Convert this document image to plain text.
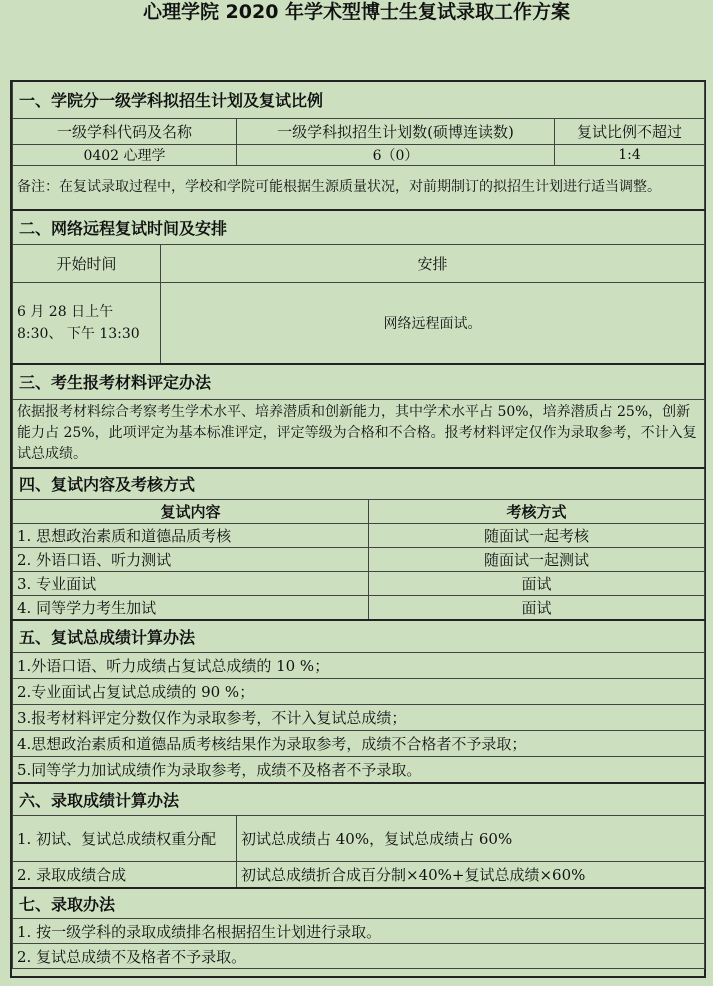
心理学院 2020 年学术型博士生复试录取工作方案
一、学院分一级学科拟招生计划及复试比例				
一级学科代码及名称		一级学科拟招生计划数(硕博连读数)		复试比例不超过
0402 心理学		6（0）		1:4
备注：在复试录取过程中，学校和学院可能根据生源质量状况，对前期制订的拟招生计划进行适当调整。				
二、网络远程复试时间及安排				
开始时间	安排			
6 月 28 日上午 8:30、 下午 13:30	网络远程面试。			
三、考生报考材料评定办法				
依据报考材料综合考察考生学术水平、培养潜质和创新能力，其中学术水平占 50%，培养潜质占 25%，创新能力占 25%，此项评定为基本标准评定，评定等级为合格和不合格。报考材料评定仅作为录取参考，不计入复试总成绩。				
四、复试内容及考核方式				
复试内容			考核方式	
1. 思想政治素质和道德品质考核			随面试一起考核	
2. 外语口语、听力测试			随面试一起测试	
3. 专业面试			面试	
4. 同等学力考生加试			面试	
五、复试总成绩计算办法				
1.外语口语、听力成绩占复试总成绩的 10 %；				
2.专业面试占复试总成绩的 90 %；				
3.报考材料评定分数仅作为录取参考，不计入复试总成绩；				
4.思想政治素质和道德品质考核结果作为录取参考，成绩不合格者不予录取；				
5.同等学力加试成绩作为录取参考，成绩不及格者不予录取。				
六、录取成绩计算办法				
1. 初试、复试总成绩权重分配		初试总成绩占 40%，复试总成绩占 60%		
2. 录取成绩合成		初试总成绩折合成百分制×40%+复试总成绩×60%		
七、录取办法				
1. 按一级学科的录取成绩排名根据招生计划进行录取。				
2. 复试总成绩不及格者不予录取。				
